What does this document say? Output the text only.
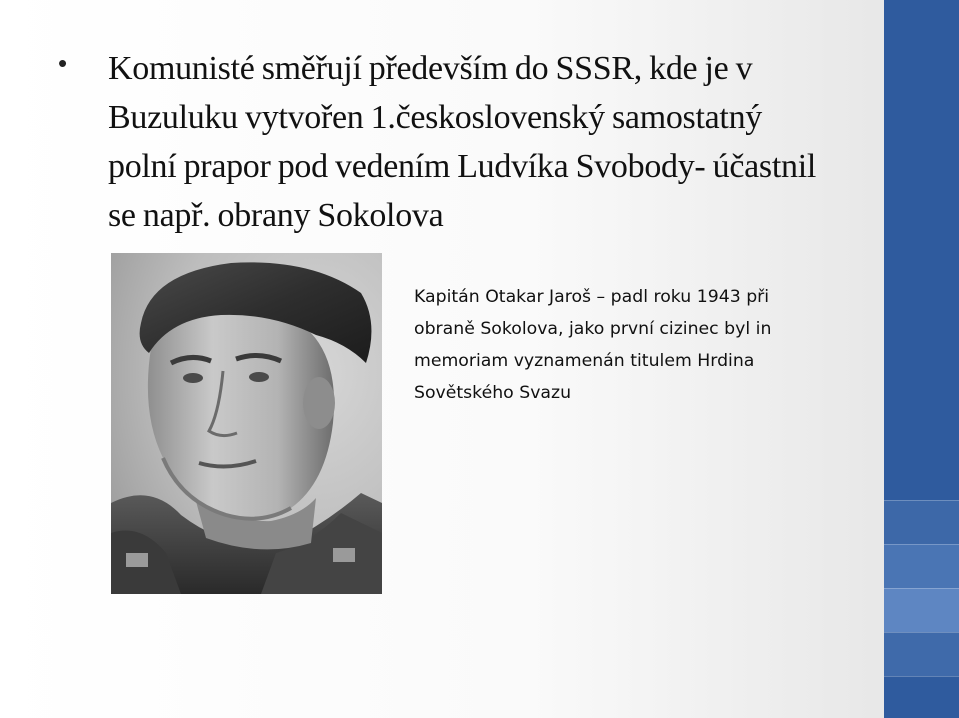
•	Komunisté směřují především do SSSR, kde je v Buzuluku vytvořen 1.československý samostatný polní prapor pod vedením Ludvíka Svobody- účastnil se např. obrany Sokolova
Kapitán Otakar Jaroš – padl roku 1943 při obraně Sokolova, jako první cizinec byl in memoriam vyznamenán titulem Hrdina Sovětského Svazu
